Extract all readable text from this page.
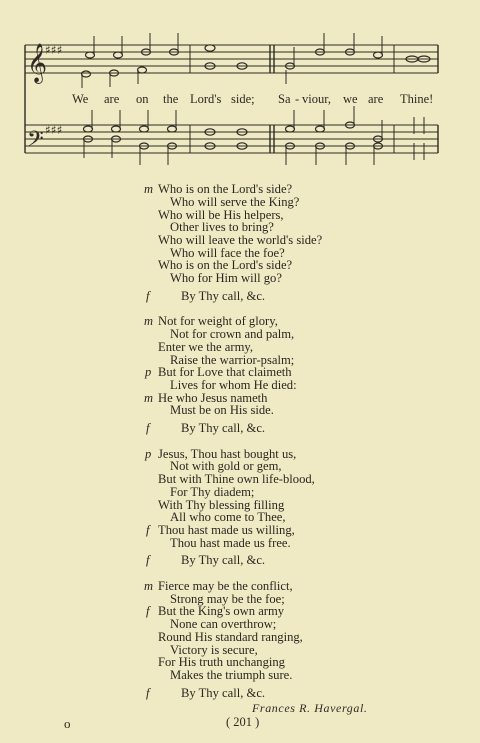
𝄞
𝄢
♯♯♯
♯♯♯
We are on the Lord's side; Sa - viour, we are Thine!
m Who is on the Lord's side?
Who will serve the King?
Who will be His helpers,
Other lives to bring?
Who will leave the world's side?
Who will face the foe?
Who is on the Lord's side?
Who for Him will go?
f	By Thy call, &c.
m Not for weight of glory,
Not for crown and palm,
Enter we the army,
Raise the warrior-psalm;
p But for Love that claimeth
Lives for whom He died:
m He who Jesus nameth
Must be on His side.
f	By Thy call, &c.
p Jesus, Thou hast bought us,
Not with gold or gem,
But with Thine own life-blood,
For Thy diadem;
With Thy blessing filling
All who come to Thee,
f Thou hast made us willing,
Thou hast made us free.
f	By Thy call, &c.
m Fierce may be the conflict,
Strong may be the foe;
f But the King's own army
None can overthrow;
Round His standard ranging,
Victory is secure,
For His truth unchanging
Makes the triumph sure.
f	By Thy call, &c.
Frances R. Havergal.
o	( 201 )
